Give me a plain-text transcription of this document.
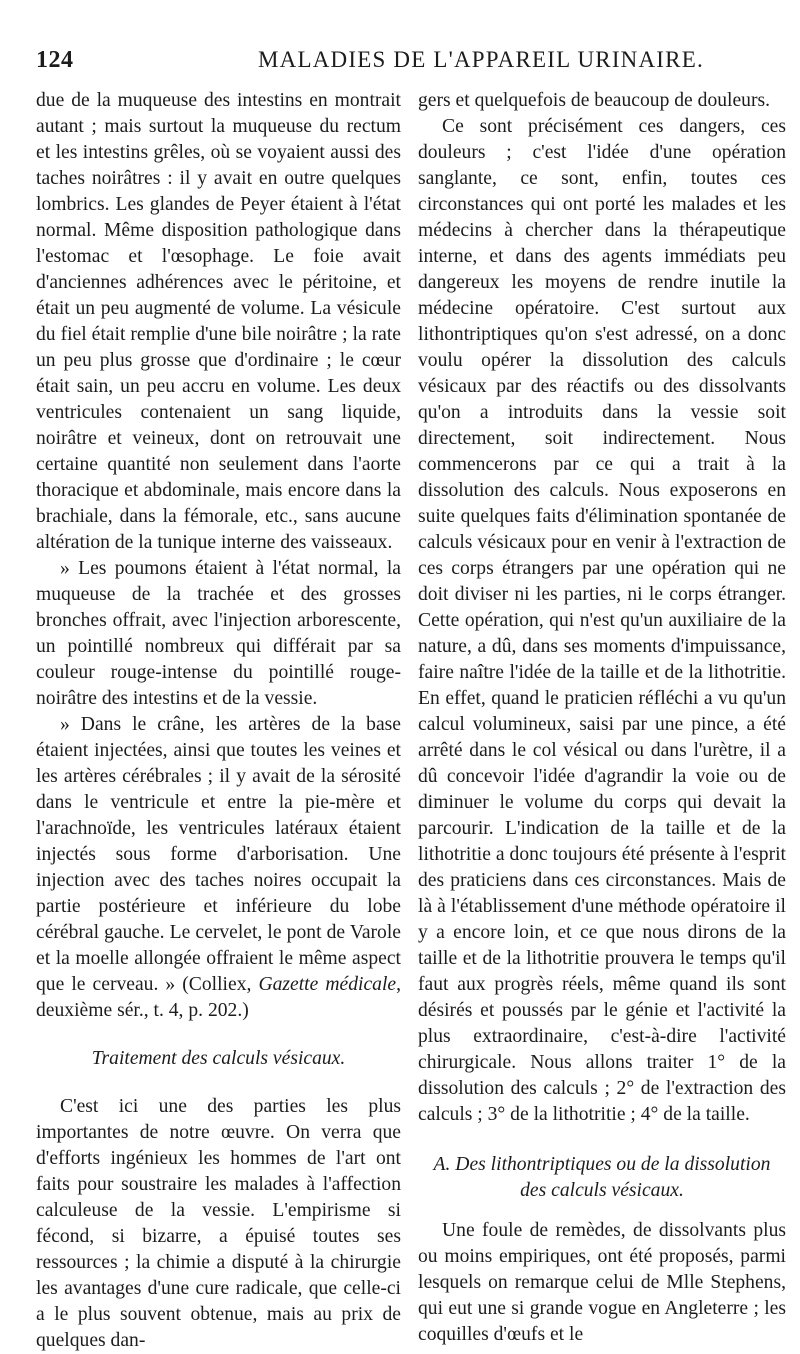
124	MALADIES DE L'APPAREIL URINAIRE.

due de la muqueuse des intestins en montrait autant ; mais surtout la muqueuse du rectum et les intestins grêles, où se voyaient aussi des taches noirâtres : il y avait en outre quelques lombrics. Les glandes de Peyer étaient à l'état normal. Même disposition pathologique dans l'estomac et l'œsophage. Le foie avait d'anciennes adhérences avec le péritoine, et était un peu augmenté de volume. La vésicule du fiel était remplie d'une bile noirâtre ; la rate un peu plus grosse que d'ordinaire ; le cœur était sain, un peu accru en volume. Les deux ventricules contenaient un sang liquide, noirâtre et veineux, dont on retrouvait une certaine quantité non seulement dans l'aorte thoracique et abdominale, mais encore dans la brachiale, dans la fémorale, etc., sans aucune altération de la tunique interne des vaisseaux.

» Les poumons étaient à l'état normal, la muqueuse de la trachée et des grosses bronches offrait, avec l'injection arborescente, un pointillé nombreux qui différait par sa couleur rouge-intense du pointillé rouge-noirâtre des intestins et de la vessie.

» Dans le crâne, les artères de la base étaient injectées, ainsi que toutes les veines et les artères cérébrales ; il y avait de la sérosité dans le ventricule et entre la pie-mère et l'arachnoïde, les ventricules latéraux étaient injectés sous forme d'arborisation. Une injection avec des taches noires occupait la partie postérieure et inférieure du lobe cérébral gauche. Le cervelet, le pont de Varole et la moelle allongée offraient le même aspect que le cerveau. » (Colliex, Gazette médicale, deuxième sér., t. 4, p. 202.)

Traitement des calculs vésicaux.

C'est ici une des parties les plus importantes de notre œuvre. On verra que d'efforts ingénieux les hommes de l'art ont faits pour soustraire les malades à l'affection calculeuse de la vessie. L'empirisme si fécond, si bizarre, a épuisé toutes ses ressources ; la chimie a disputé à la chirurgie les avantages d'une cure radicale, que celle-ci a le plus souvent obtenue, mais au prix de quelques dan-

gers et quelquefois de beaucoup de douleurs.

Ce sont précisément ces dangers, ces douleurs ; c'est l'idée d'une opération sanglante, ce sont, enfin, toutes ces circonstances qui ont porté les malades et les médecins à chercher dans la thérapeutique interne, et dans des agents immédiats peu dangereux les moyens de rendre inutile la médecine opératoire. C'est surtout aux lithontriptiques qu'on s'est adressé, on a donc voulu opérer la dissolution des calculs vésicaux par des réactifs ou des dissolvants qu'on a introduits dans la vessie soit directement, soit indirectement. Nous commencerons par ce qui a trait à la dissolution des calculs. Nous exposerons en suite quelques faits d'élimination spontanée de calculs vésicaux pour en venir à l'extraction de ces corps étrangers par une opération qui ne doit diviser ni les parties, ni le corps étranger. Cette opération, qui n'est qu'un auxiliaire de la nature, a dû, dans ses moments d'impuissance, faire naître l'idée de la taille et de la lithotritie. En effet, quand le praticien réfléchi a vu qu'un calcul volumineux, saisi par une pince, a été arrêté dans le col vésical ou dans l'urètre, il a dû concevoir l'idée d'agrandir la voie ou de diminuer le volume du corps qui devait la parcourir. L'indication de la taille et de la lithotritie a donc toujours été présente à l'esprit des praticiens dans ces circonstances. Mais de là à l'établissement d'une méthode opératoire il y a encore loin, et ce que nous dirons de la taille et de la lithotritie prouvera le temps qu'il faut aux progrès réels, même quand ils sont désirés et poussés par le génie et l'activité la plus extraordinaire, c'est-à-dire l'activité chirurgicale. Nous allons traiter 1° de la dissolution des calculs ; 2° de l'extraction des calculs ; 3° de la lithotritie ; 4° de la taille.

A. Des lithontriptiques ou de la dissolution
des calculs vésicaux.

Une foule de remèdes, de dissolvants plus ou moins empiriques, ont été proposés, parmi lesquels on remarque celui de Mlle Stephens, qui eut une si grande vogue en Angleterre ; les coquilles d'œufs et le
